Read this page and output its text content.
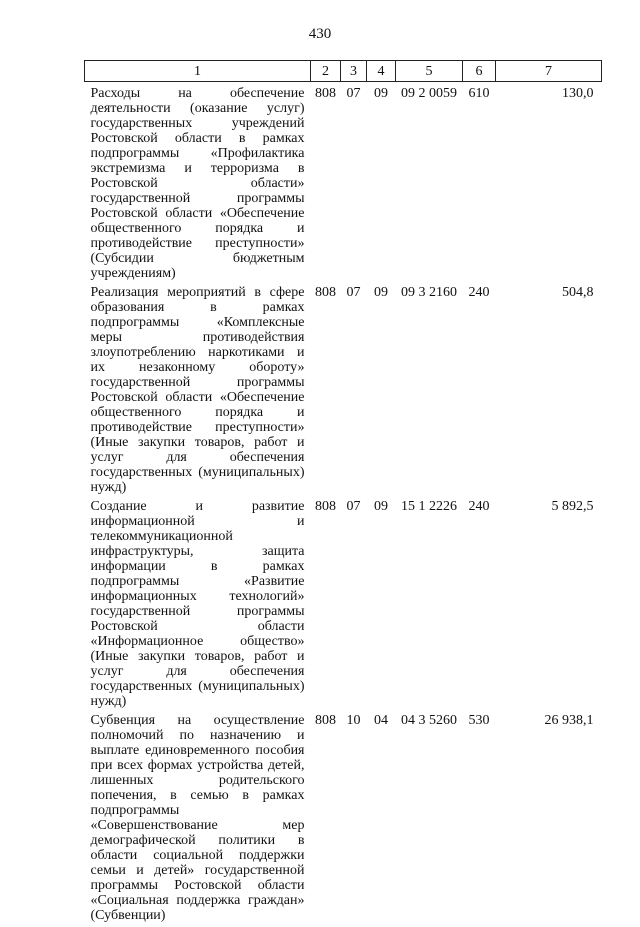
430
1	2	3	4	5	6	7
Расходы на обеспечение деятельности (оказание услуг) государственных учреждений Ростовской области в рамках подпрограммы «Профилактика экстремизма и терроризма в Ростовской области» государственной программы Ростовской области «Обеспечение общественного порядка и противодействие преступности» (Субсидии бюджетным учреждениям)	808	07	09	09 2 0059	610	130,0
Реализация мероприятий в сфере образования в рамках подпрограммы «Комплексные меры противодействия злоупотреблению наркотиками и их незаконному обороту» государственной программы Ростовской области «Обеспечение общественного порядка и противодействие преступности» (Иные закупки товаров, работ и услуг для обеспечения государственных (муниципальных) нужд)	808	07	09	09 3 2160	240	504,8
Создание и развитие информационной и телекоммуникационной инфраструктуры, защита информации в рамках подпрограммы «Развитие информационных технологий» государственной программы Ростовской области «Информационное общество» (Иные закупки товаров, работ и услуг для обеспечения государственных (муниципальных) нужд)	808	07	09	15 1 2226	240	5 892,5
Субвенция на осуществление полномочий по назначению и выплате единовременного пособия при всех формах устройства детей, лишенных родительского попечения, в семью в рамках подпрограммы «Совершенствование мер демографической политики в области социальной поддержки семьи и детей» государственной программы Ростовской области «Социальная поддержка граждан» (Субвенции)	808	10	04	04 3 5260	530	26 938,1
